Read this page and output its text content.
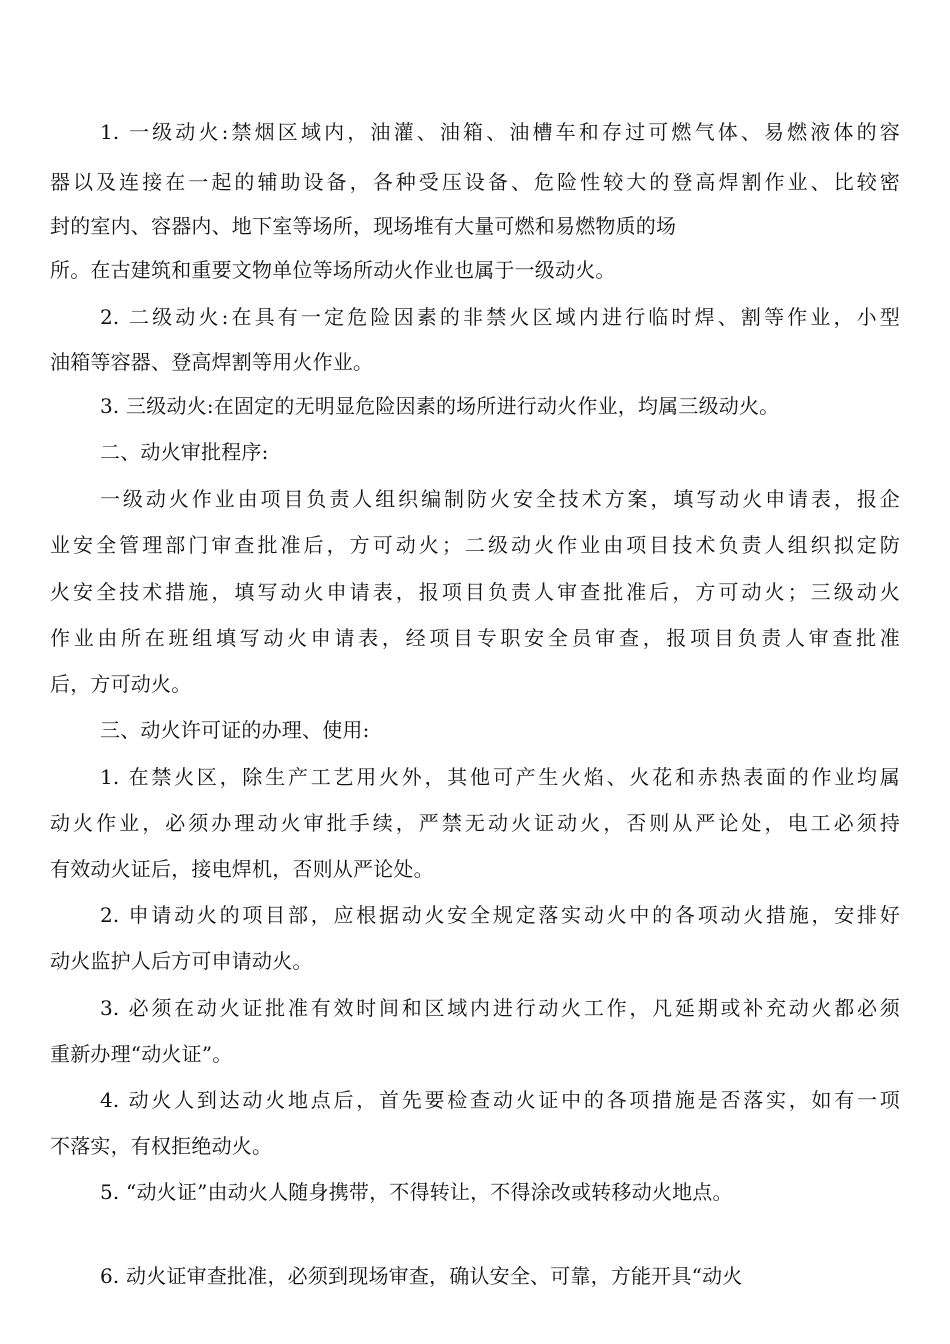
1. 一级动火:禁烟区域内，油灌、油箱、油槽车和存过可燃气体、易燃液体的容
器以及连接在一起的辅助设备，各种受压设备、危险性较大的登高焊割作业、比较密
封的室内、容器内、地下室等场所，现场堆有大量可燃和易燃物质的场
所。在古建筑和重要文物单位等场所动火作业也属于一级动火。
2. 二级动火:在具有一定危险因素的非禁火区域内进行临时焊、割等作业，小型
油箱等容器、登高焊割等用火作业。
3. 三级动火:在固定的无明显危险因素的场所进行动火作业，均属三级动火。
二、动火审批程序:
一级动火作业由项目负责人组织编制防火安全技术方案，填写动火申请表，报企
业安全管理部门审查批准后，方可动火；二级动火作业由项目技术负责人组织拟定防
火安全技术措施，填写动火申请表，报项目负责人审查批准后，方可动火；三级动火
作业由所在班组填写动火申请表，经项目专职安全员审查，报项目负责人审查批准
后，方可动火。
三、动火许可证的办理、使用:
1. 在禁火区，除生产工艺用火外，其他可产生火焰、火花和赤热表面的作业均属
动火作业，必须办理动火审批手续，严禁无动火证动火，否则从严论处，电工必须持
有效动火证后，接电焊机，否则从严论处。
2. 申请动火的项目部，应根据动火安全规定落实动火中的各项动火措施，安排好
动火监护人后方可申请动火。
3. 必须在动火证批准有效时间和区域内进行动火工作，凡延期或补充动火都必须
重新办理“动火证”。
4. 动火人到达动火地点后，首先要检查动火证中的各项措施是否落实，如有一项
不落实，有权拒绝动火。
5. “动火证”由动火人随身携带，不得转让，不得涂改或转移动火地点。
6. 动火证审查批准，必须到现场审查，确认安全、可靠，方能开具“动火
